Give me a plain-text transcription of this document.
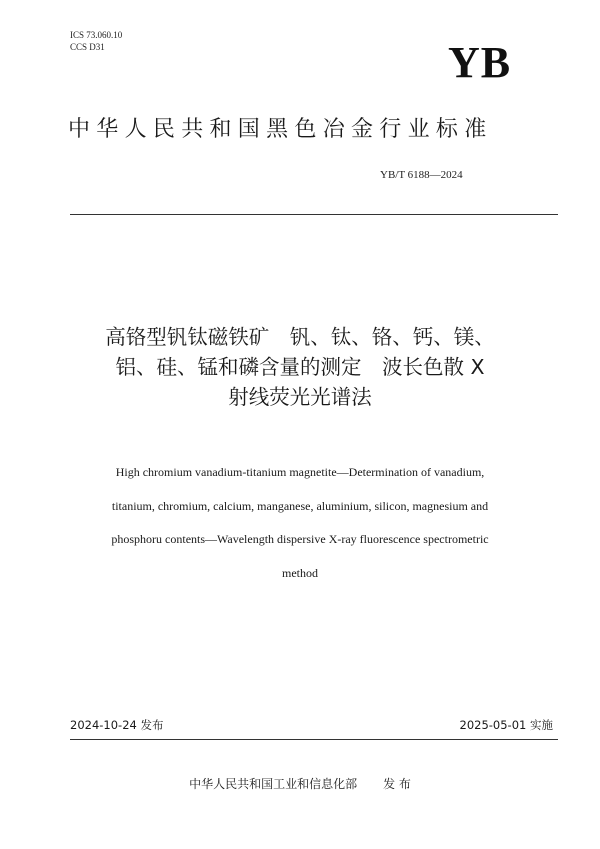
ICS 73.060.10
CCS D31	YB
中华人民共和国黑色冶金行业标准
YB/T 6188—2024
高铬型钒钛磁铁矿　钒、钛、铬、钙、镁、
铝、硅、锰和磷含量的测定　波长色散 X
射线荧光光谱法
High chromium vanadium-titanium magnetite—Determination of vanadium,
titanium, chromium, calcium, manganese, aluminium, silicon, magnesium and
phosphoru contents—Wavelength dispersive X-ray fluorescence spectrometric
method
2024-10-24 发布	2025-05-01 实施
中华人民共和国工业和信息化部 发 布
